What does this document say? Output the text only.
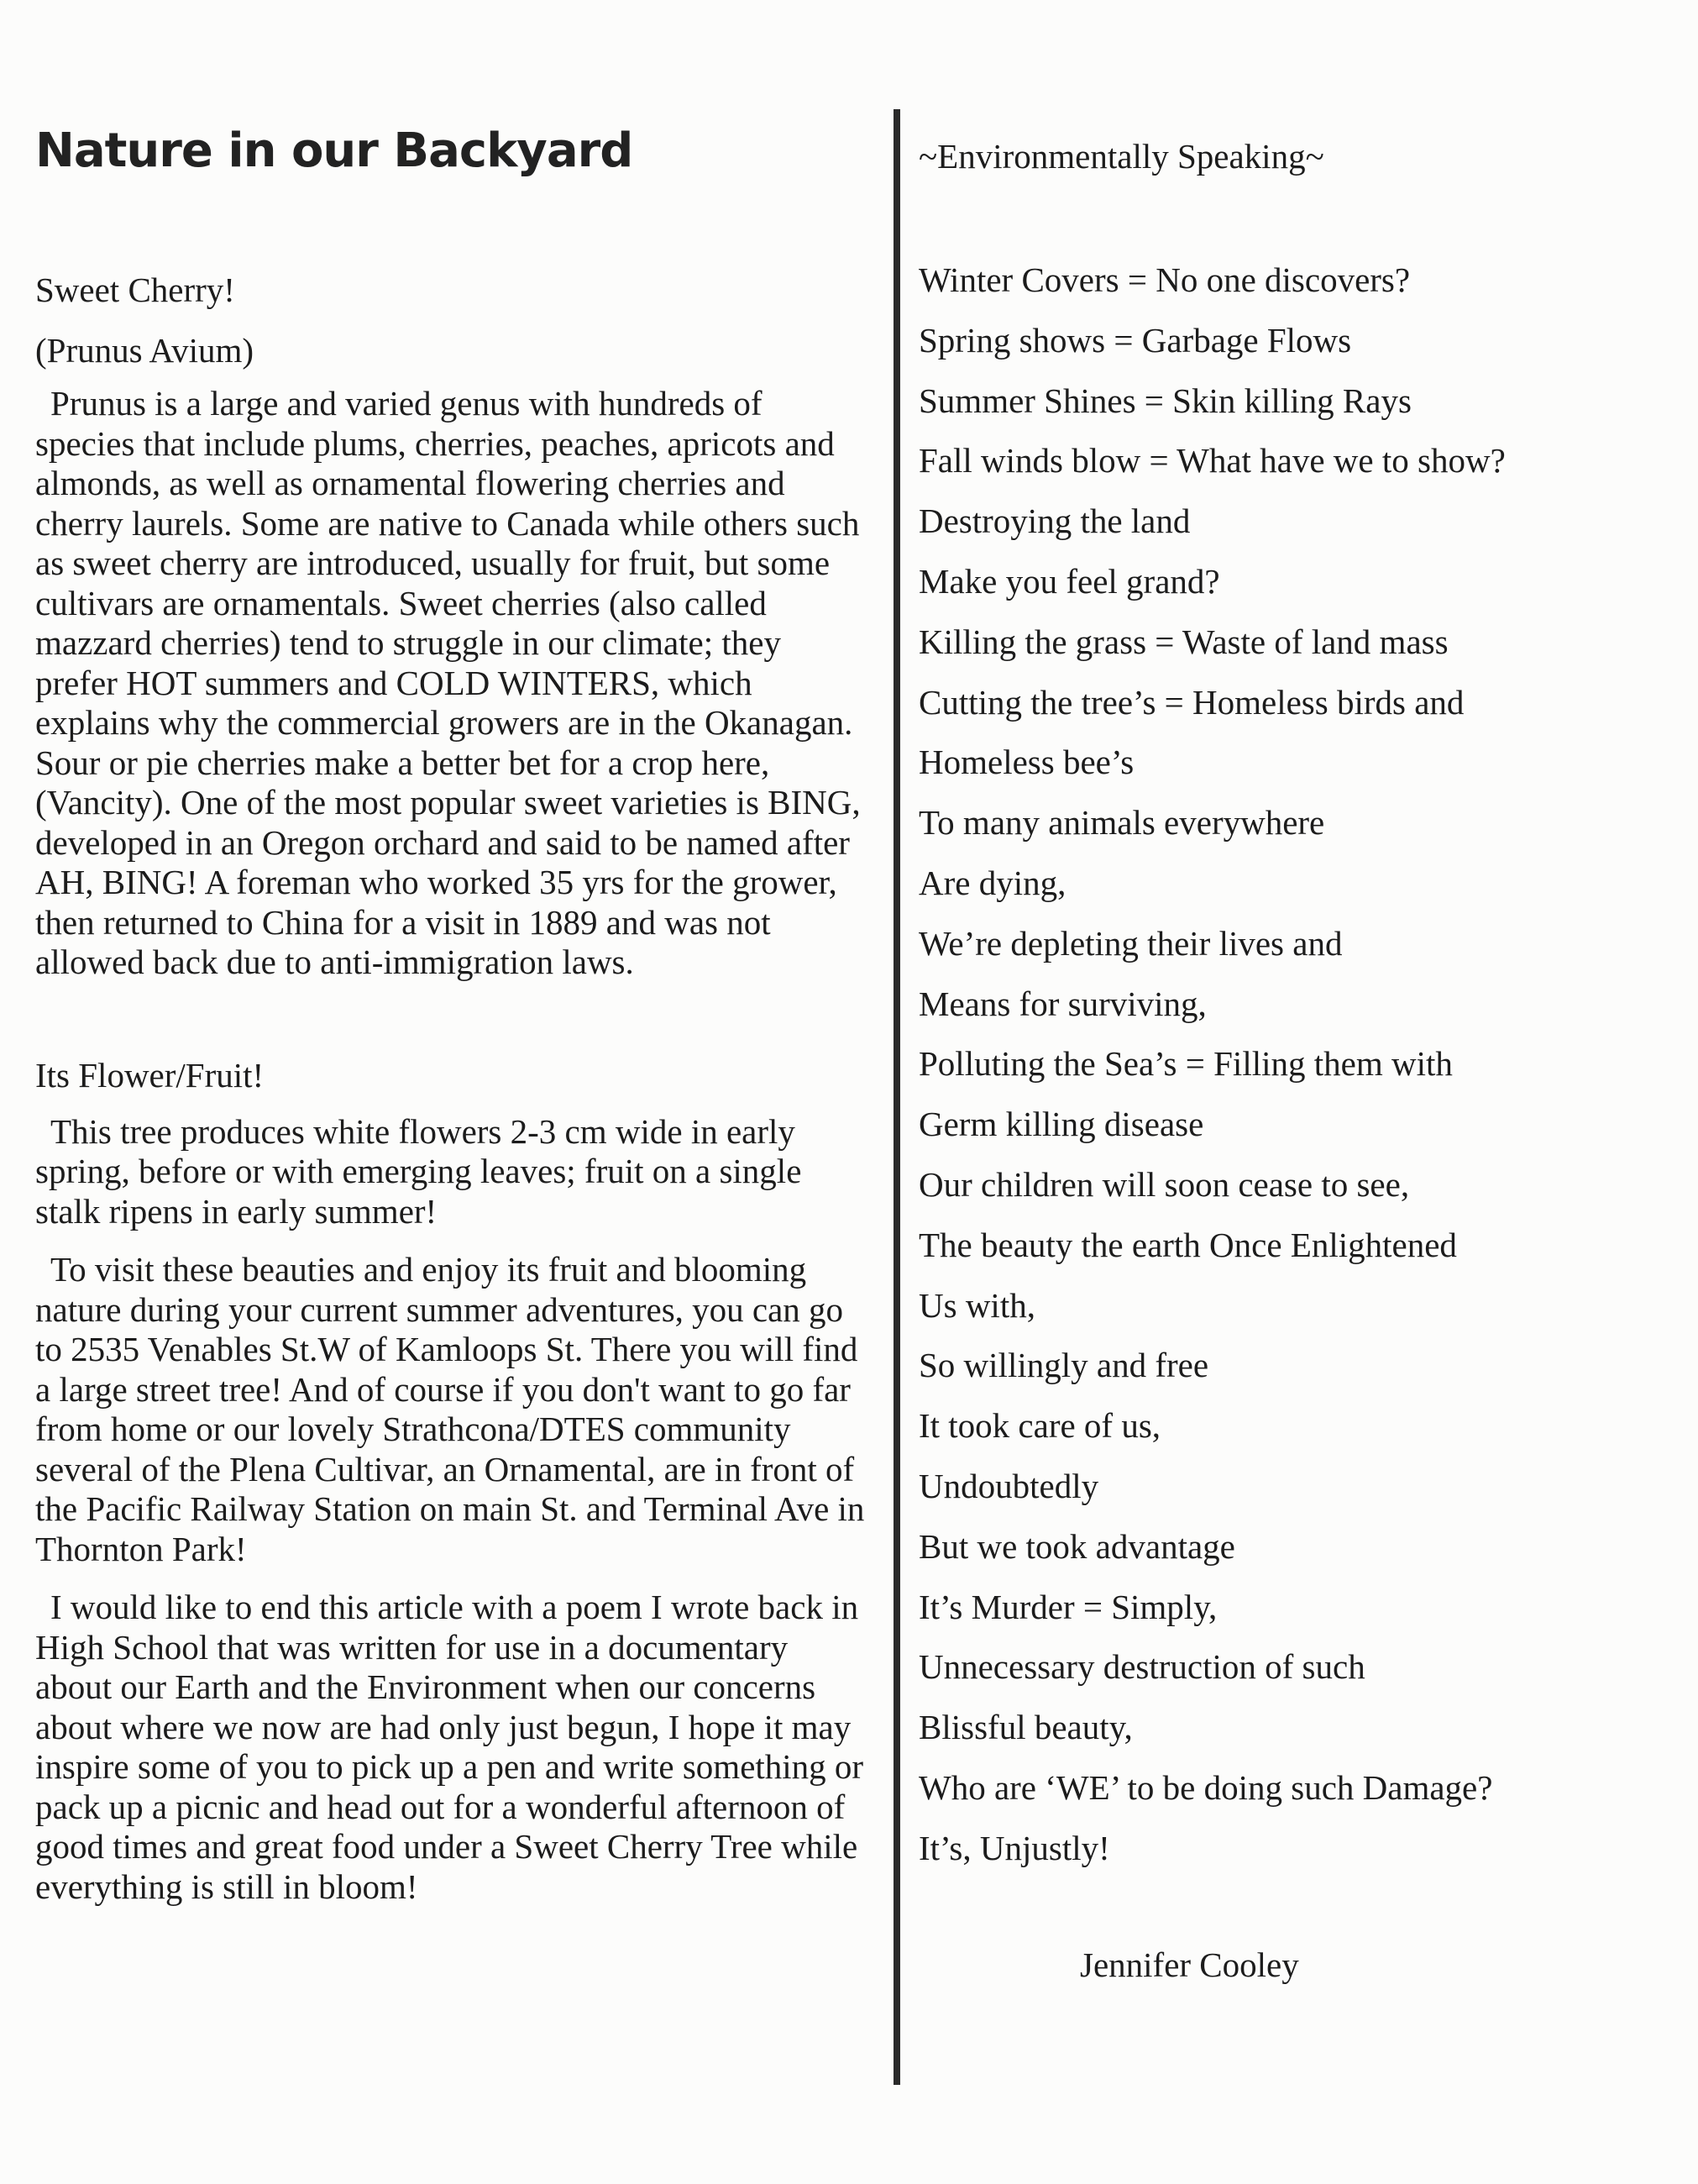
Nature in our Backyard
Sweet Cherry!
(Prunus Avium)

Prunus is a large and varied genus with hundreds of species that include plums, cherries, peaches, apricots and almonds, as well as ornamental flowering cherries and cherry laurels. Some are native to Canada while others such as sweet cherry are introduced, usually for fruit, but some cultivars are ornamentals. Sweet cherries (also called mazzard cherries) tend to struggle in our climate; they prefer HOT summers and COLD WINTERS, which explains why the commercial growers are in the Okanagan. Sour or pie cherries make a better bet for a crop here, (Vancity). One of the most popular sweet varieties is BING, developed in an Oregon orchard and said to be named after AH, BING! A foreman who worked 35 yrs for the grower, then returned to China for a visit in 1889 and was not allowed back due to anti-immigration laws.

Its Flower/Fruit!

This tree produces white flowers 2-3 cm wide in early spring, before or with emerging leaves; fruit on a single stalk ripens in early summer!

To visit these beauties and enjoy its fruit and blooming nature during your current summer adventures, you can go to 2535 Venables St.W of Kamloops St. There you will find a large street tree! And of course if you don't want to go far from home or our lovely Strathcona/DTES community several of the Plena Cultivar, an Ornamental, are in front of the Pacific Railway Station on main St. and Terminal Ave in Thornton Park!

I would like to end this article with a poem I wrote back in High School that was written for use in a documentary about our Earth and the Environment when our concerns about where we now are had only just begun, I hope it may inspire some of you to pick up a pen and write something or pack up a picnic and head out for a wonderful afternoon of good times and great food under a Sweet Cherry Tree while everything is still in bloom!

~Environmentally Speaking~
Winter Covers = No one discovers?
Spring shows = Garbage Flows
Summer Shines = Skin killing Rays
Fall winds blow = What have we to show?
Destroying the land
Make you feel grand?
Killing the grass = Waste of land mass
Cutting the tree’s = Homeless birds and
Homeless bee’s
To many animals everywhere
Are dying,
We’re depleting their lives and
Means for surviving,
Polluting the Sea’s = Filling them with
Germ killing disease
Our children will soon cease to see,
The beauty the earth Once Enlightened
Us with,
So willingly and free
It took care of us,
Undoubtedly
But we took advantage
It’s Murder = Simply,
Unnecessary destruction of such
Blissful beauty,
Who are ‘WE’ to be doing such Damage?
It’s, Unjustly!
Jennifer Cooley
